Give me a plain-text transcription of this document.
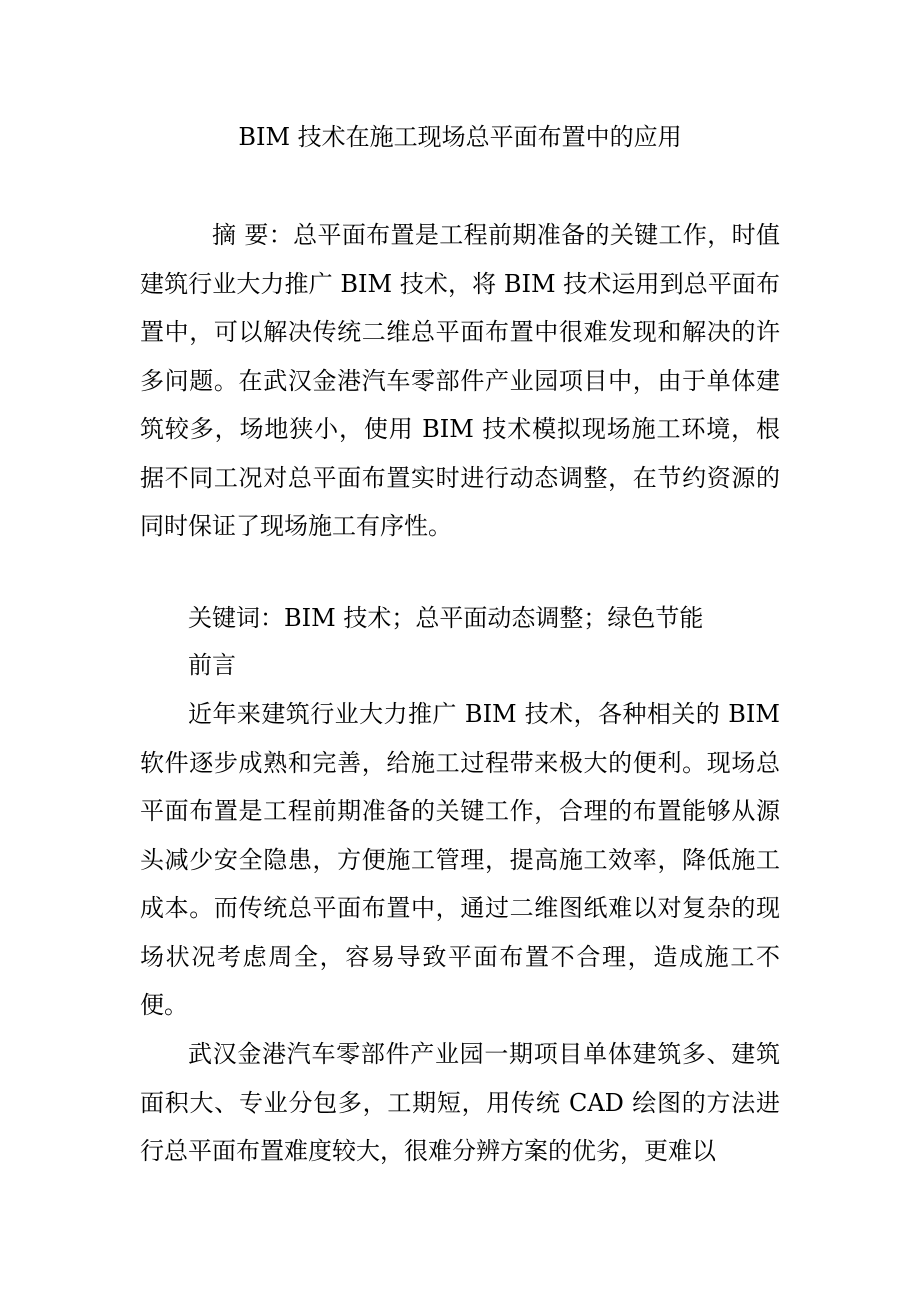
BIM 技术在施工现场总平面布置中的应用

摘 要：总平面布置是工程前期准备的关键工作，时值建筑行业大力推广 BIM 技术，将 BIM 技术运用到总平面布置中，可以解决传统二维总平面布置中很难发现和解决的许多问题。在武汉金港汽车零部件产业园项目中，由于单体建筑较多，场地狭小，使用 BIM 技术模拟现场施工环境，根据不同工况对总平面布置实时进行动态调整，在节约资源的同时保证了现场施工有序性。

关键词：BIM 技术；总平面动态调整；绿色节能

前言

近年来建筑行业大力推广 BIM 技术，各种相关的 BIM 软件逐步成熟和完善，给施工过程带来极大的便利。现场总平面布置是工程前期准备的关键工作，合理的布置能够从源头减少安全隐患，方便施工管理，提高施工效率，降低施工成本。而传统总平面布置中，通过二维图纸难以对复杂的现场状况考虑周全，容易导致平面布置不合理，造成施工不便。

武汉金港汽车零部件产业园一期项目单体建筑多、建筑面积大、专业分包多，工期短，用传统 CAD 绘图的方法进行总平面布置难度较大，很难分辨方案的优劣，更难以
